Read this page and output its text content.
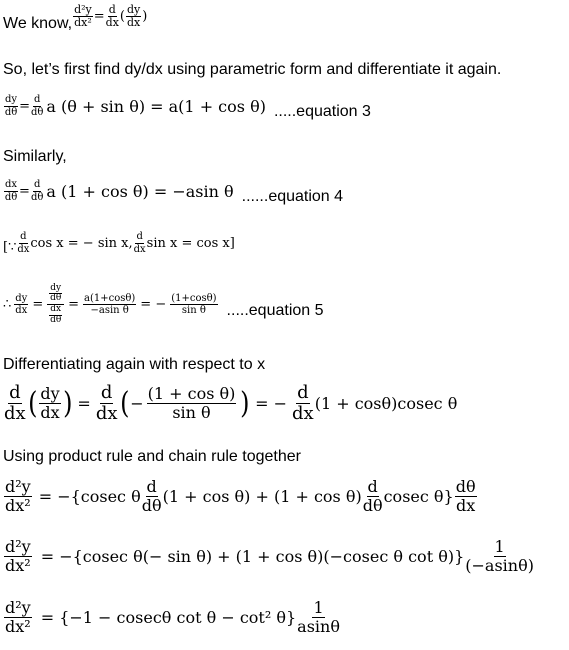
We know, $\frac{\text{d²y}}{\text{dx²}} = \frac{d}{dx}$ ( $\frac{dy}{dx}$ )
So, let’s first find dy/dx using parametric form and differentiate it again.
$\frac{dy}{d\theta} = \frac{d}{d\theta}$ a (θ + sin θ) = a(1 + cos θ) .....equation 3
Similarly,
$\frac{dx}{d\theta} = \frac{d}{d\theta}$ a (1 + cos θ) = −asin θ ......equation 4
[∵ $\frac{d}{dx}$ cos x = − sin x, $\frac{d}{dx}$ sin x = cos x]
∴ $\frac{dy}{dx} = \frac{\frac{dy}{d\theta}}{\frac{dx}{d\theta}} = \frac{a(1+\cos\theta)}{\text{−asin θ}}$ = − $\frac{(1+\cos\theta)}{\text{sin θ}}$ .....equation 5
Differentiating again with respect to x
$\frac{d}{dx}$ ( $\frac{dy}{dx}$ ) = $\frac{d}{dx}$ ( − $\frac{\text{(1 + cos θ)}}{\text{sin θ}}$ ) = − $\frac{d}{dx} (1 + \cos\theta)cosec$ θ
Using product rule and chain rule together
$\frac{\text{d²y}}{\text{dx²}} = -\{cosec$ θ $\frac{d}{d\theta} (1 + \cos \theta) + (1 + \cos \theta) \frac{d}{d\theta}$ cosec $\theta\} \frac{d\theta}{dx}$
$\frac{\text{d²y}}{\text{dx²}} = -\{cosec$ θ(− sin θ) + (1 + cos θ)(−cosec θ $\cot \theta)\} \frac{1}{(-asin\theta)}$
$\frac{\text{d²y}}{\text{dx²}} = \{-1 - cosec\theta$ cot θ − cot² $\theta\} \frac{1}{asin\theta}$
